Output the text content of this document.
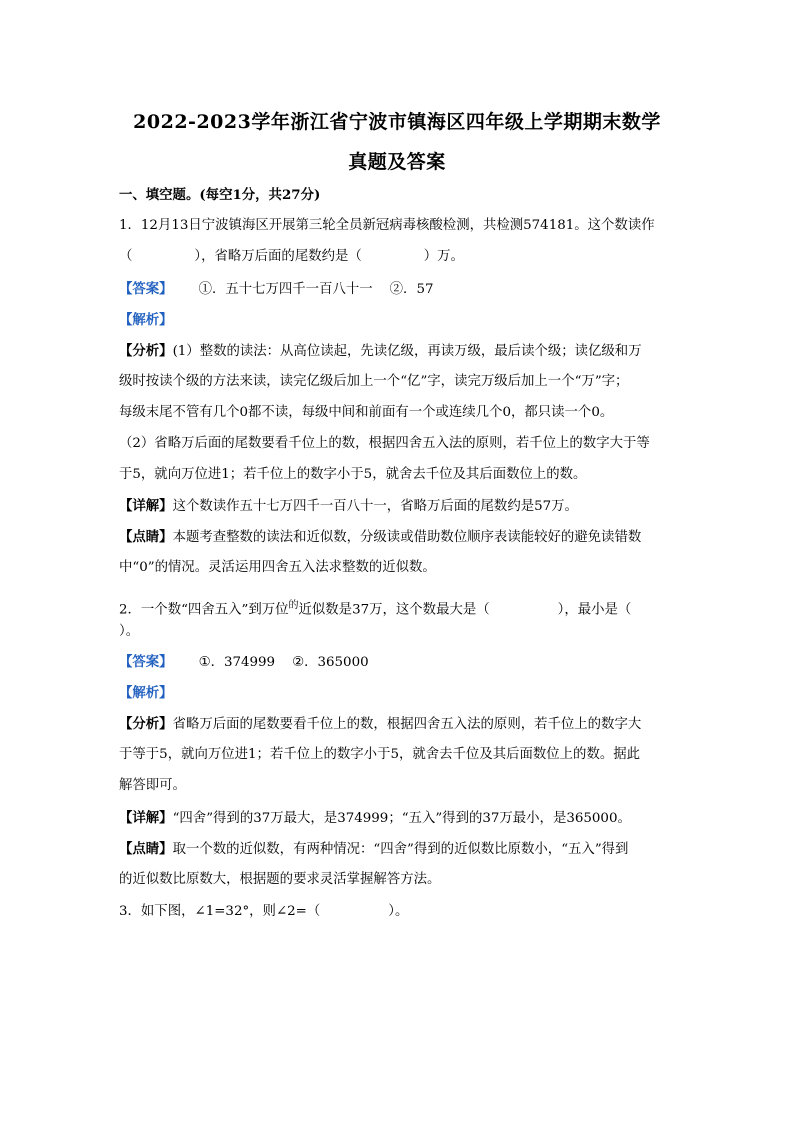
2022-2023学年浙江省宁波市镇海区四年级上学期期末数学
真题及答案
一、填空题。(每空1分，共27分)
1．12月13日宁波镇海区开展第三轮全员新冠病毒核酸检测，共检测574181。这个数读作
（	），省略万后面的尾数约是（	）万。
【答案】 ①．五十七万四千一百八十一    ②．57
【解析】
【分析】(1）整数的读法：从高位读起，先读亿级，再读万级，最后读个级；读亿级和万
级时按读个级的方法来读，读完亿级后加上一个“亿”字，读完万级后加上一个“万”字；
每级末尾不管有几个0都不读，每级中间和前面有一个或连续几个0，都只读一个0。
（2）省略万后面的尾数要看千位上的数，根据四舍五入法的原则，若千位上的数字大于等
于5，就向万位进1；若千位上的数字小于5，就舍去千位及其后面数位上的数。
【详解】这个数读作五十七万四千一百八十一，省略万后面的尾数约是57万。
【点睛】本题考查整数的读法和近似数，分级读或借助数位顺序表读能较好的避免读错数
中“0”的情况。灵活运用四舍五入法求整数的近似数。
2．一个数“四舍五入”到万位$^的$近似数是37万，这个数最大是（	），最小是（
）。
【答案】 ①．374999    ②．365000
【解析】
【分析】省略万后面的尾数要看千位上的数，根据四舍五入法的原则，若千位上的数字大
于等于5，就向万位进1；若千位上的数字小于5，就舍去千位及其后面数位上的数。据此
解答即可。
【详解】“四舍”得到的37万最大，是374999；“五入”得到的37万最小，是365000。
【点睛】取一个数的近似数，有两种情况：“四舍”得到的近似数比原数小，“五入”得到
的近似数比原数大，根据题的要求灵活掌握解答方法。
3．如下图，∠1=32°，则∠2=（	）。
